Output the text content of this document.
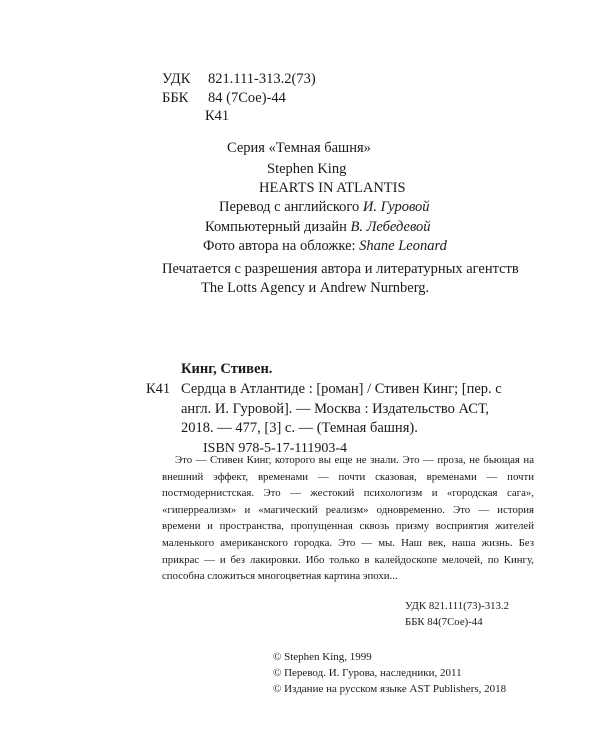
УДК 821.111-313.2(73)
ББК 84 (7Сое)-44
К41
Серия «Темная башня»
Stephen King
HEARTS IN ATLANTIS
Перевод с английского И. Гуровой
Компьютерный дизайн В. Лебедевой
Фото автора на обложке: Shane Leonard
Печатается с разрешения автора и литературных агентств
The Lotts Agency и Andrew Nurnberg.
Кинг, Стивен.
К41 Сердца в Атлантиде : [роман] / Стивен Кинг; [пер. с
англ. И. Гуровой]. — Москва : Издательство АСТ,
2018. — 477, [3] с. — (Темная башня).
ISBN 978-5-17-111903-4

Это — Стивен Кинг, которого вы еще не знали. Это — проза, не бьющая на внешний эффект, временами — почти сказовая, временами — почти постмодернистская. Это — жестокий психологизм и «городская сага», «гиперреализм» и «магический реализм» одновременно. Это — история времени и пространства, пропущенная сквозь призму восприятия жителей маленького американского городка. Это — мы. Наш век, наша жизнь. Без прикрас — и без лакировки. Ибо только в калейдоскопе мелочей, по Кингу, способна сложиться многоцветная картина эпохи...

УДК 821.111(73)-313.2
ББК 84(7Сое)-44
© Stephen King, 1999
© Перевод. И. Гурова, наследники, 2011
© Издание на русском языке AST Publishers, 2018
